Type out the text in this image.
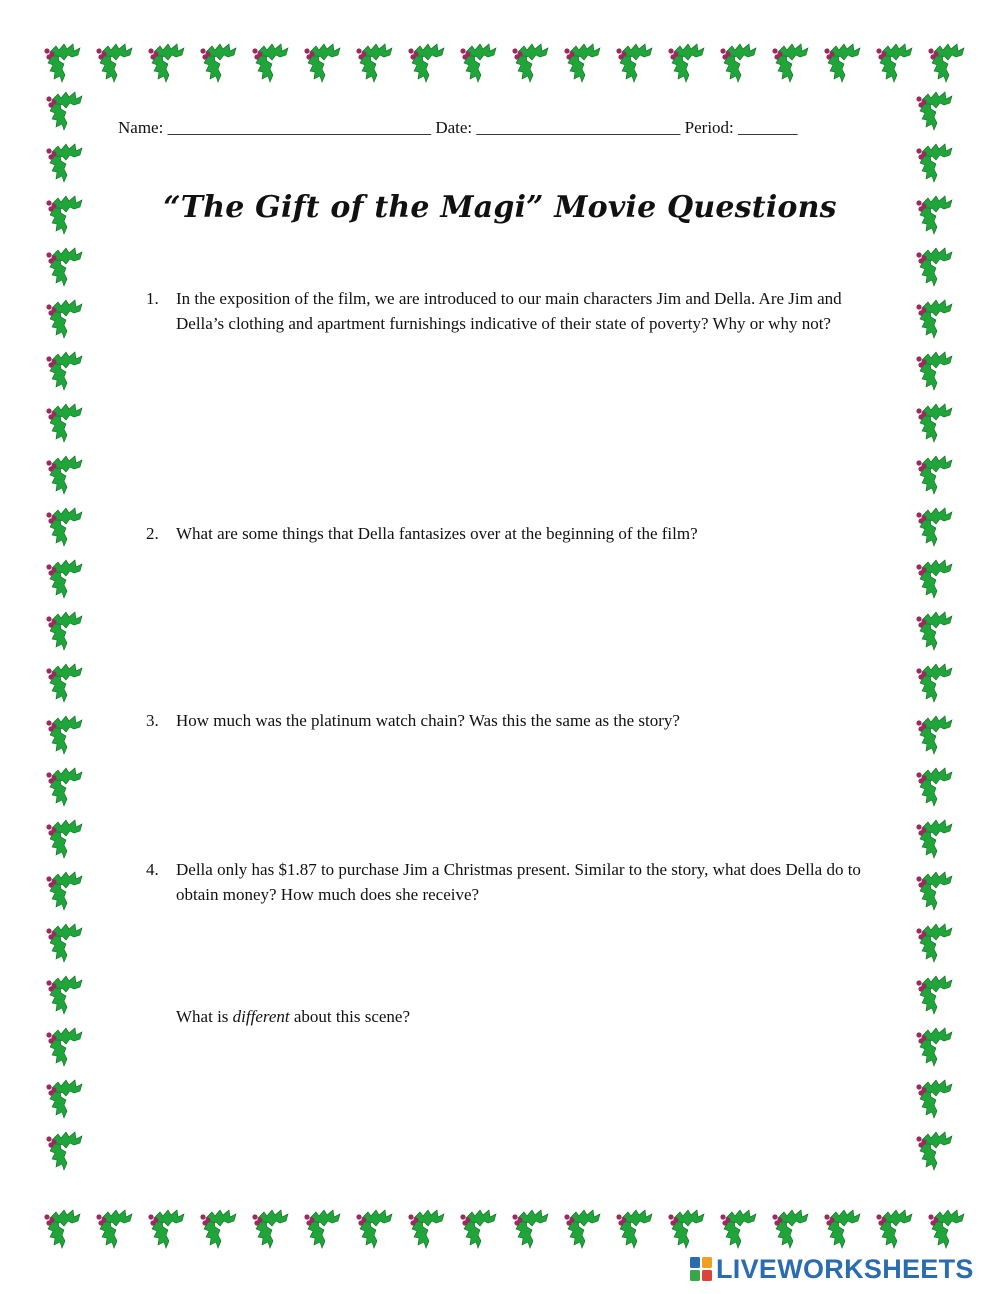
Name: _______________________________ Date: ________________________ Period: _______
“The Gift of the Magi” Movie Questions
1.	In the exposition of the film, we are introduced to our main characters Jim and Della. Are Jim and Della’s clothing and apartment furnishings indicative of their state of poverty? Why or why not?
2.	What are some things that Della fantasizes over at the beginning of the film?
3.	How much was the platinum watch chain? Was this the same as the story?
4.	Della only has $1.87 to purchase Jim a Christmas present. Similar to the story, what does Della do to obtain money? How much does she receive?
What is different about this scene?
LIVEWORKSHEETS
